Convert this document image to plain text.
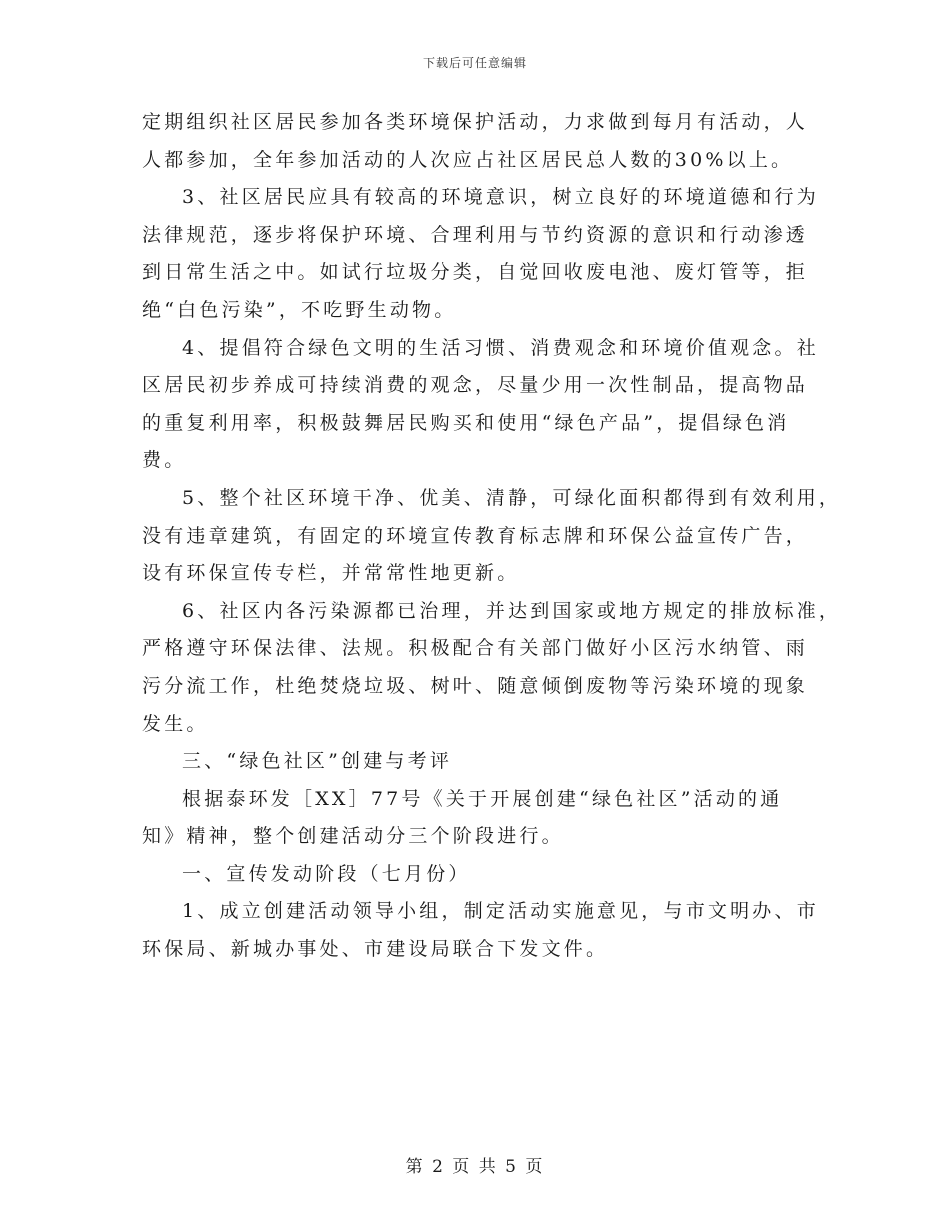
下载后可任意编辑
定期组织社区居民参加各类环境保护活动，力求做到每月有活动，人
人都参加，全年参加活动的人次应占社区居民总人数的30%以上。
3、社区居民应具有较高的环境意识，树立良好的环境道德和行为
法律规范，逐步将保护环境、合理利用与节约资源的意识和行动渗透
到日常生活之中。如试行垃圾分类，自觉回收废电池、废灯管等，拒
绝“白色污染”，不吃野生动物。
4、提倡符合绿色文明的生活习惯、消费观念和环境价值观念。社
区居民初步养成可持续消费的观念，尽量少用一次性制品，提高物品
的重复利用率，积极鼓舞居民购买和使用“绿色产品”，提倡绿色消
费。
5、整个社区环境干净、优美、清静，可绿化面积都得到有效利用，
没有违章建筑，有固定的环境宣传教育标志牌和环保公益宣传广告，
设有环保宣传专栏，并常常性地更新。
6、社区内各污染源都已治理，并达到国家或地方规定的排放标准，
严格遵守环保法律、法规。积极配合有关部门做好小区污水纳管、雨
污分流工作，杜绝焚烧垃圾、树叶、随意倾倒废物等污染环境的现象
发生。
三、“绿色社区”创建与考评
根据泰环发［XX］77号《关于开展创建“绿色社区”活动的通
知》精神，整个创建活动分三个阶段进行。
一、宣传发动阶段（七月份）
1、成立创建活动领导小组，制定活动实施意见，与市文明办、市
环保局、新城办事处、市建设局联合下发文件。
第 2 页 共 5 页
